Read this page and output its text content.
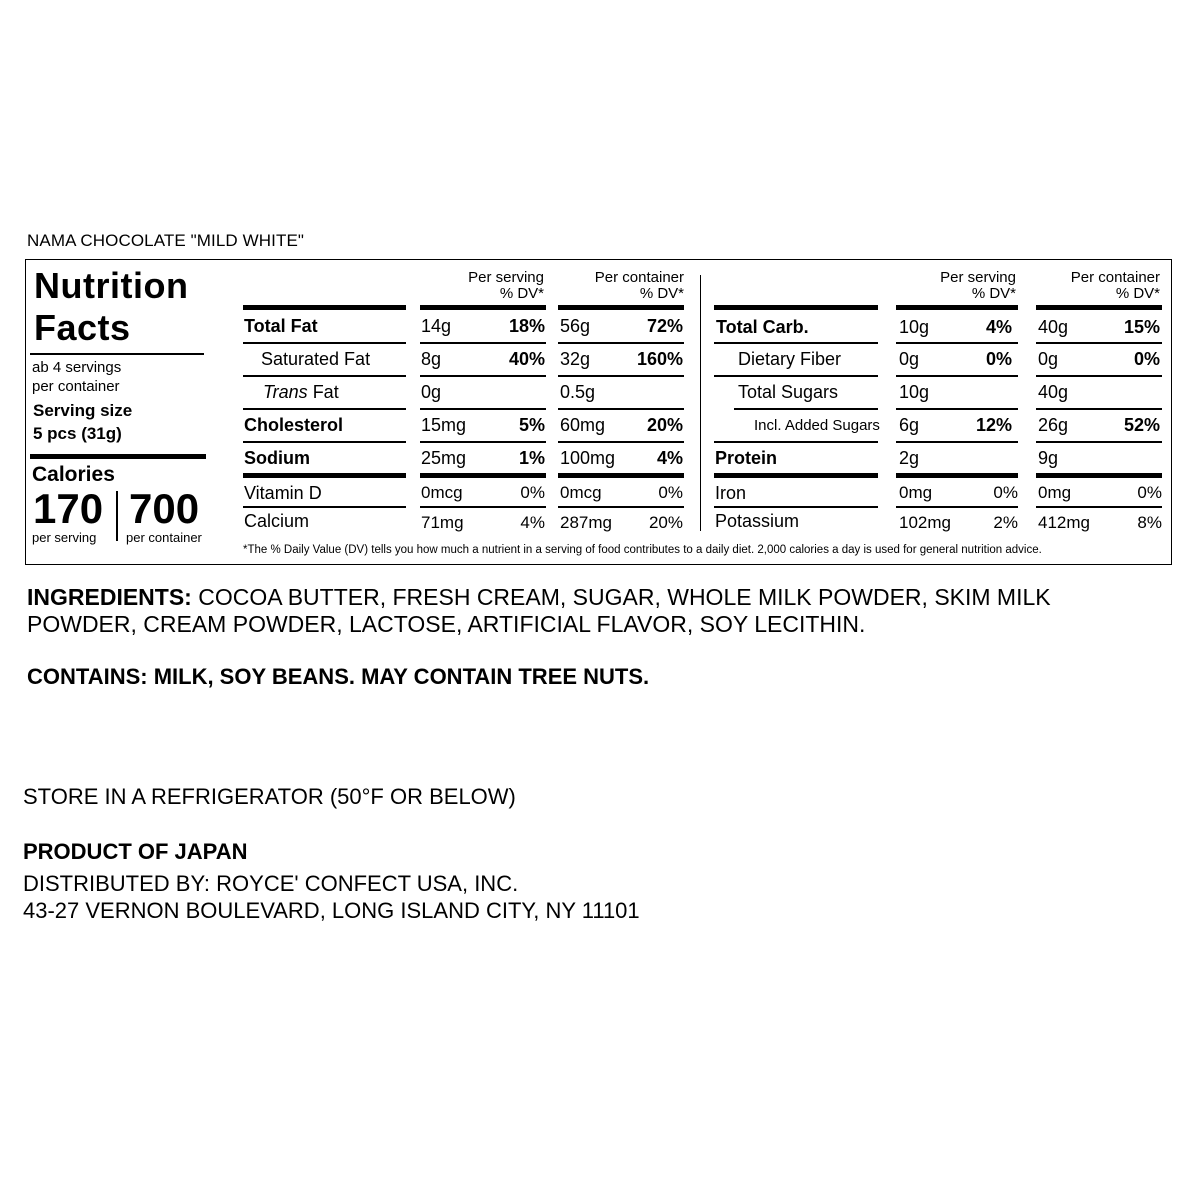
NAMA CHOCOLATE "MILD WHITE"
Nutrition
Facts
ab 4 servings
per container
Serving size
5 pcs (31g)
Calories
170 700
per serving per container
Per serving
% DV*
Per container
% DV*
Per serving
% DV*
Per container
% DV*
Total Fat	14g	18% 56g	72%
Saturated Fat	8g	40% 32g	160%
Trans Fat	0g	0.5g
Cholesterol	15mg	5% 60mg	20%
Sodium	25mg	1% 100mg	4%
Vitamin D	0mcg	0% 0mcg	0%
Calcium	71mg	4% 287mg	20%
Total Carb.	10g	4% 40g	15%
Dietary Fiber	0g	0% 0g	0%
Total Sugars	10g	40g
Incl. Added Sugars 6g	12% 26g	52%
Protein	2g	9g
Iron	0mg	0% 0mg	0%
Potassium	102mg	2% 412mg	8%
*The % Daily Value (DV) tells you how much a nutrient in a serving of food contributes to a daily diet. 2,000 calories a day is used for general nutrition advice.
INGREDIENTS: COCOA BUTTER, FRESH CREAM, SUGAR, WHOLE MILK POWDER, SKIM MILK POWDER, CREAM POWDER, LACTOSE, ARTIFICIAL FLAVOR, SOY LECITHIN.
CONTAINS: MILK, SOY BEANS. MAY CONTAIN TREE NUTS.
STORE IN A REFRIGERATOR (50°F OR BELOW)
PRODUCT OF JAPAN
DISTRIBUTED BY: ROYCE' CONFECT USA, INC.
43-27 VERNON BOULEVARD, LONG ISLAND CITY, NY 11101
